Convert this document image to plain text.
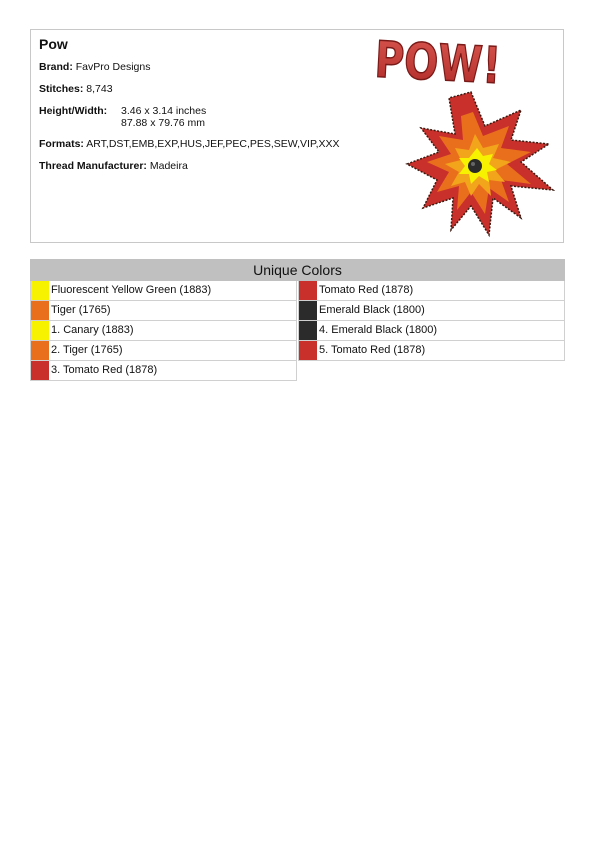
Pow
Brand: FavPro Designs
Stitches: 8,743
Height/Width: 3.46 x 3.14 inches
87.88 x 79.76 mm
Formats: ART,DST,EMB,EXP,HUS,JEF,PEC,PES,SEW,VIP,XXX
Thread Manufacturer: Madeira
POW!
Unique Colors
Fluorescent Yellow Green (1883)
Tiger (1765)
1. Canary (1883)
2. Tiger (1765)
3. Tomato Red (1878)
Tomato Red (1878)
Emerald Black (1800)
4. Emerald Black (1800)
5. Tomato Red (1878)
